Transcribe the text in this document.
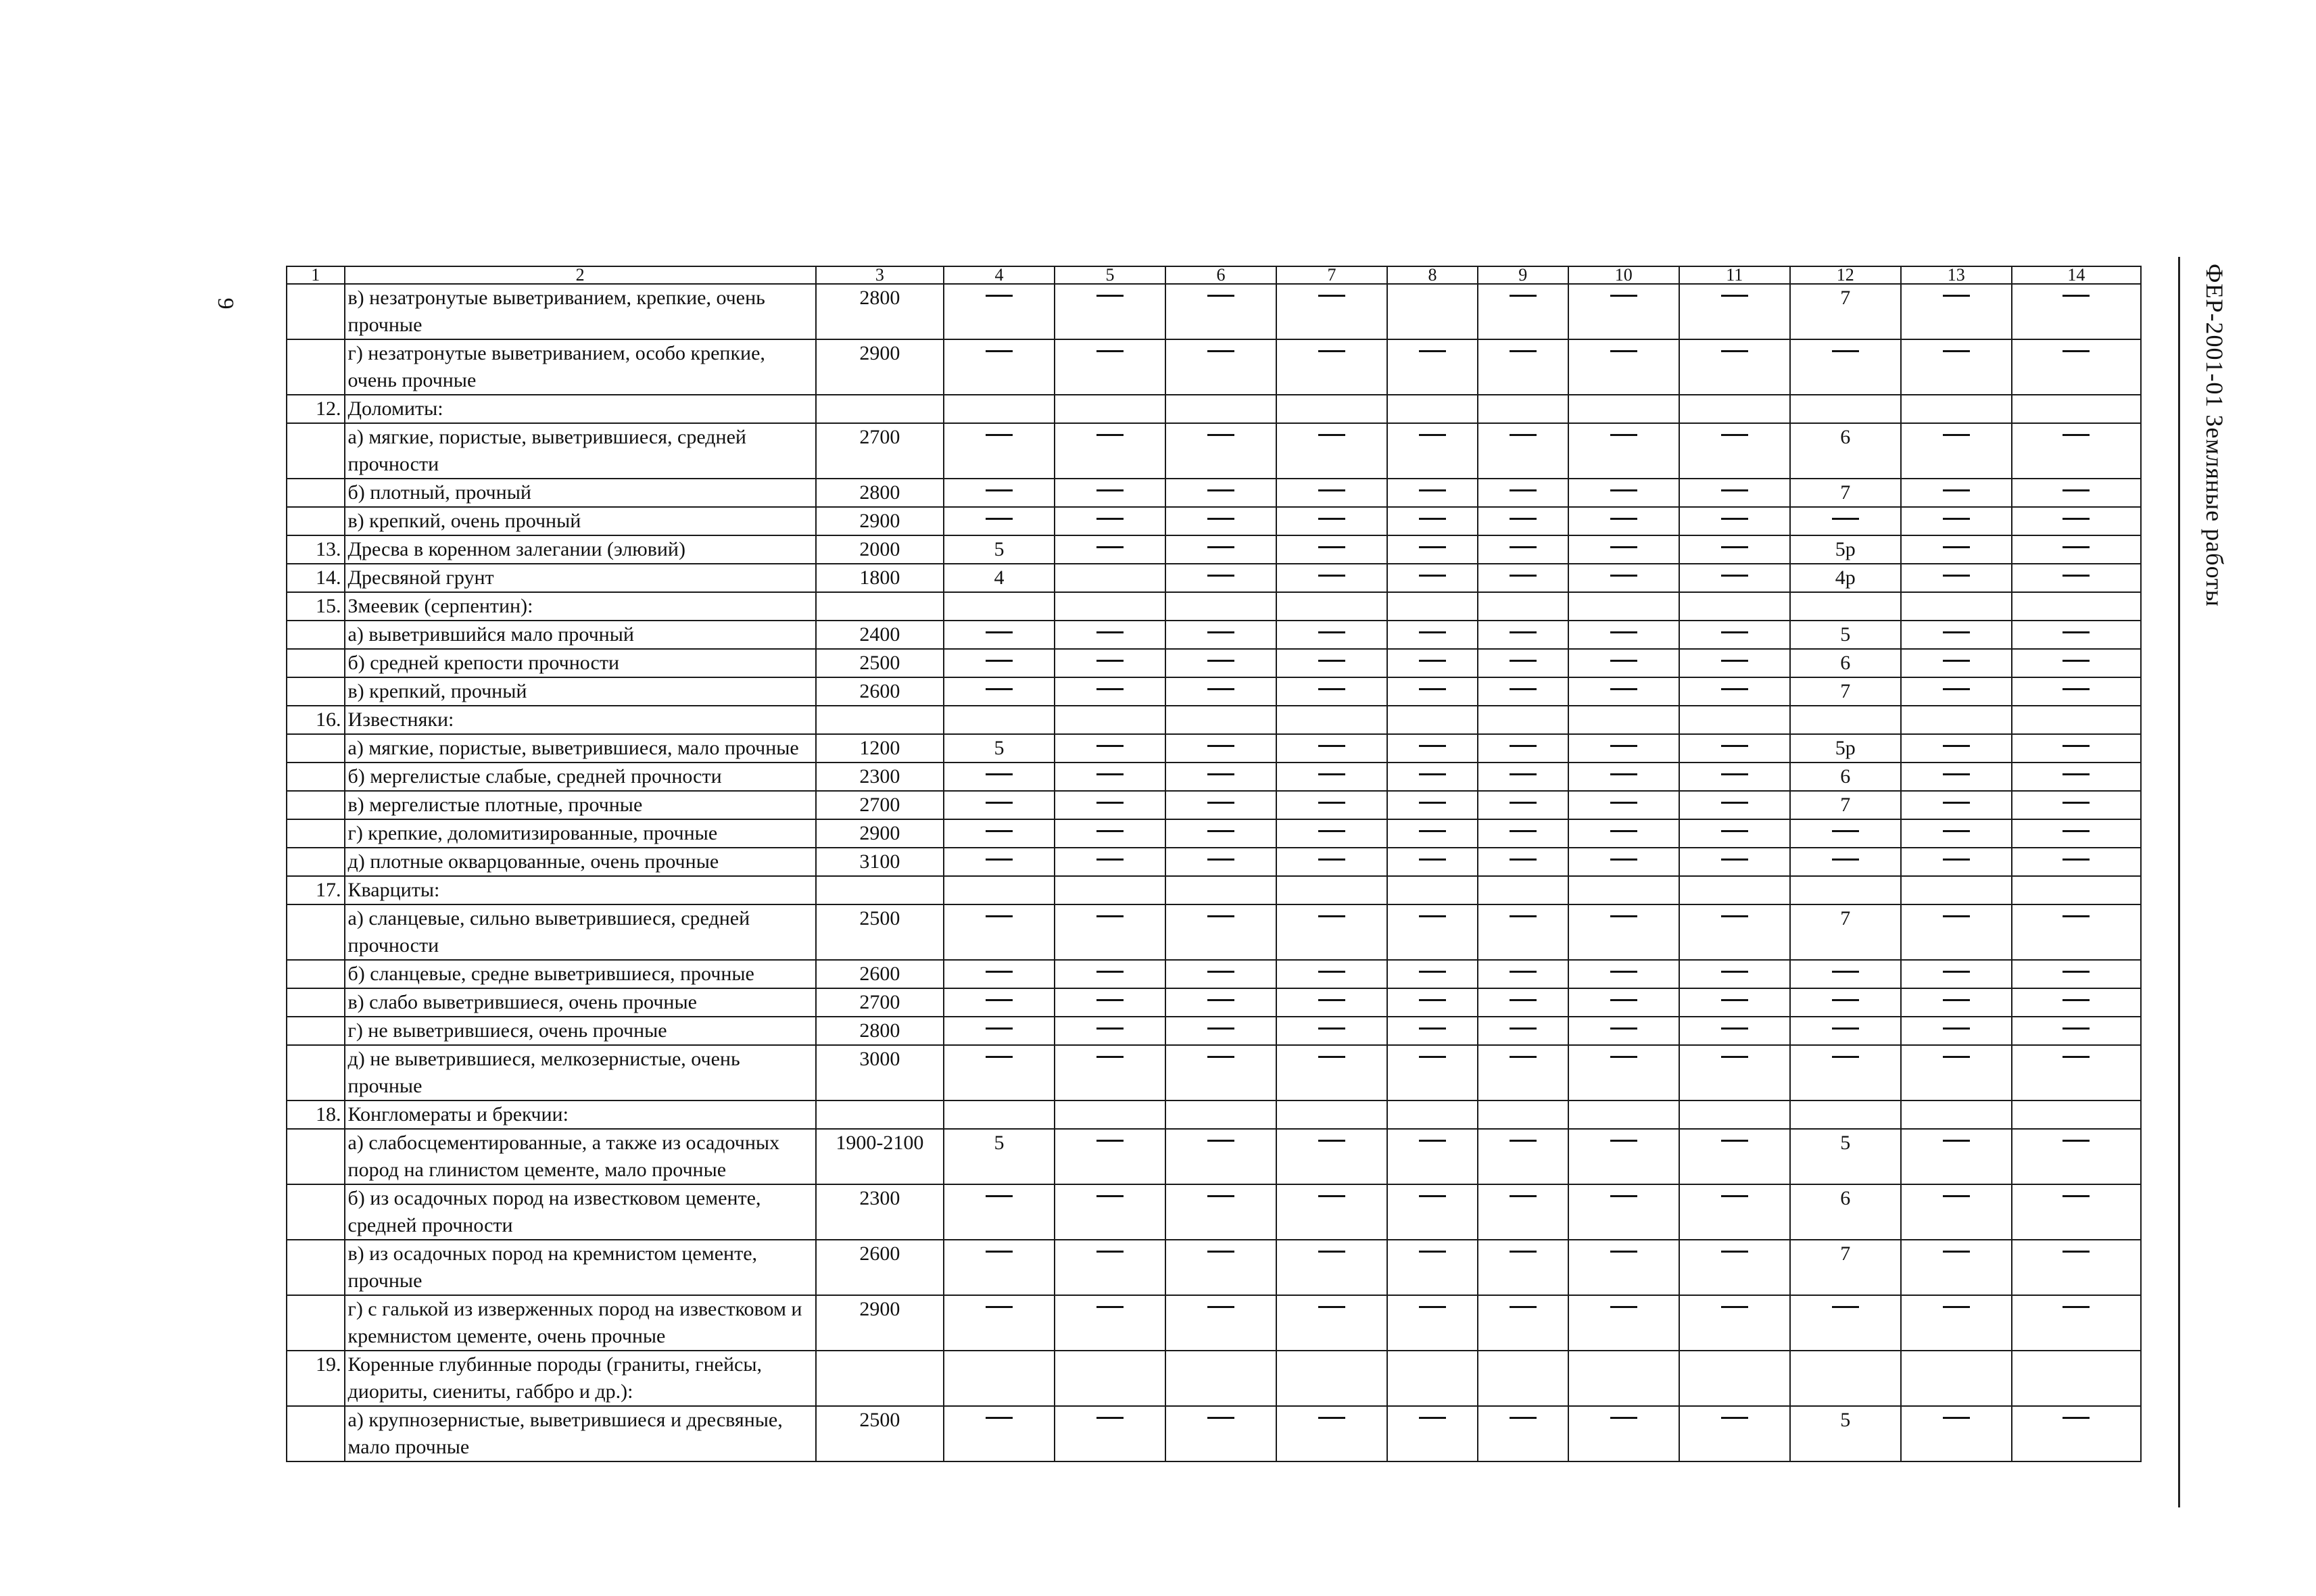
9	ФЕР-2001-01 Земляные работы
1	2	3	4	5	6	7	8	9	10	11	12	13	14
	в) незатронутые выветриванием, крепкие, очень прочные	2800									7		
	г) незатронутые выветриванием, особо крепкие, очень прочные	2900											
12.	Доломиты:												
	а) мягкие, пористые, выветрившиеся, средней прочности	2700									6		
	б) плотный, прочный	2800									7		
	в) крепкий, очень прочный	2900											
13.	Дресва в коренном залегании (элювий)	2000	5								5р		
14.	Дресвяной грунт	1800	4								4р		
15.	Змеевик (серпентин):												
	а) выветрившийся мало прочный	2400									5		
	б) средней крепости прочности	2500									6		
	в) крепкий, прочный	2600									7		
16.	Известняки:												
	а) мягкие, пористые, выветрившиеся, мало прочные	1200	5								5р		
	б) мергелистые слабые, средней прочности	2300									6		
	в) мергелистые плотные, прочные	2700									7		
	г) крепкие, доломитизированные, прочные	2900											
	д) плотные окварцованные, очень прочные	3100											
17.	Кварциты:												
	а) сланцевые, сильно выветрившиеся, средней прочности	2500									7		
	б) сланцевые, средне выветрившиеся, прочные	2600											
	в) слабо выветрившиеся, очень прочные	2700											
	г) не выветрившиеся, очень прочные	2800											
	д) не выветрившиеся, мелкозернистые, очень прочные	3000											
18.	Конгломераты и брекчии:												
	а) слабосцементированные, а также из осадочных пород на глинистом цементе, мало прочные	1900-2100	5								5		
	б) из осадочных пород на известковом цементе, средней прочности	2300									6		
	в) из осадочных пород на кремнистом цементе, прочные	2600									7		
	г) с галькой из изверженных пород на известковом и кремнистом цементе, очень прочные	2900											
19.	Коренные глубинные породы (граниты, гнейсы, диориты, сиениты, габбро и др.):												
	а) крупнозернистые, выветрившиеся и дресвяные, мало прочные	2500									5		
